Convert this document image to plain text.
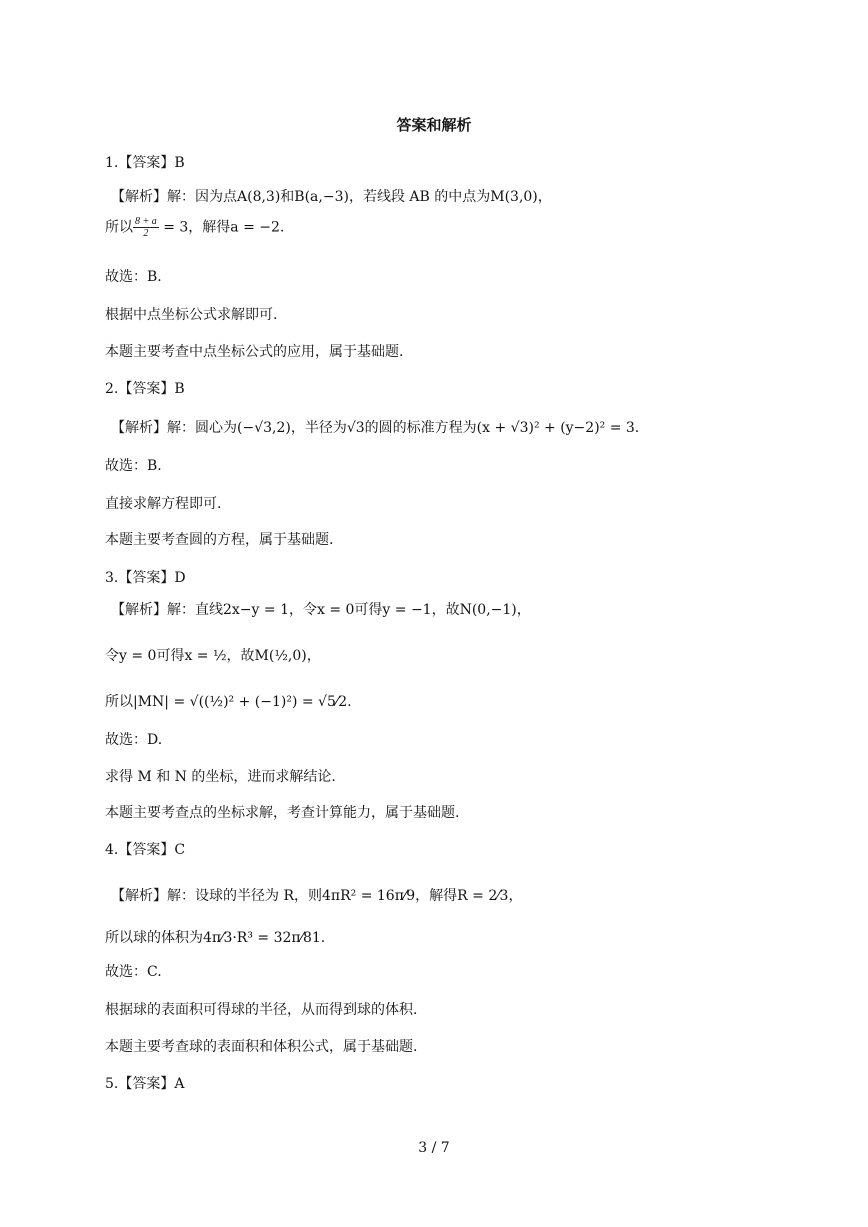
答案和解析
1.【答案】B
【解析】解：因为点A(8,3)和B(a,−3)，若线段 AB 的中点为M(3,0)，
所以 $\frac{8 + a}{2} = 3$，解得a = −2.
故选：B.
根据中点坐标公式求解即可.
本题主要考查中点坐标公式的应用，属于基础题.
2.【答案】B
【解析】解：圆心为(−√3,2)，半径为√3的圆的标准方程为(x + √3)² + (y−2)² = 3.
故选：B.
直接求解方程即可.
本题主要考查圆的方程，属于基础题.
3.【答案】D
【解析】解：直线2x−y = 1，令x = 0可得y = −1，故N(0,−1)，
令y = 0可得x = ½，故M(½,0)，
所以|MN| = √((½)² + (−1)²) = √5⁄2.
故选：D.
求得 M 和 N 的坐标，进而求解结论.
本题主要考查点的坐标求解，考查计算能力，属于基础题.
4.【答案】C
【解析】解：设球的半径为 R，则4πR² = 16π⁄9，解得R = 2⁄3，
所以球的体积为4π⁄3·R³ = 32π⁄81.
故选：C.
根据球的表面积可得球的半径，从而得到球的体积.
本题主要考查球的表面积和体积公式，属于基础题.
5.【答案】A
3 / 7
